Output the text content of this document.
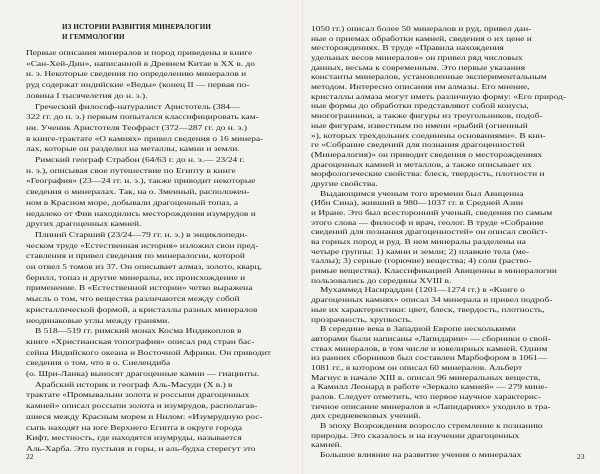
ИЗ ИСТОРИИ РАЗВИТИЯ МИНЕРАЛОГИИ
И ГЕММОЛОГИИ
Первые описания минералов и пород приведены в книге
«Сан-Хей-Дин», написанной в Древнем Китае в XX в. до
н. э. Некоторые сведения по определению минералов и
руд содержат индийские «Веды» (конец II — первая по-
ловина I тысячелетия до н. э.).
Греческий философ-натуралист Аристотель (384—
322 гг. до н. э.) первым попытался классифицировать кам-
ни. Ученик Аристотеля Теофраст (372—287 гг. до н. э.)
в книге-трактате «О камнях» привел сведения о 16 минера-
лах, которые он разделил на металлы, камни и земли.
Римский географ Страбон (64/63 г. до н. э.— 23/24 г.
н. э.), описывая свое путешествие по Египту в книге
«География» (23—24 гг. н. э.), также приводит некоторые
сведения о минералах. Так, на о. Змеиный, расположен-
ном в Красном море, добывали драгоценный топаз, а
недалеко от Фив находились месторождения изумрудов и
других драгоценных камней.
Плиний Старший (23/24—79 гг. н. э.) в энциклопеди-
ческом труде «Естественная история» изложил свои пред-
ставления и привел сведения по минералогии, которой
он отвел 5 томов из 37. Он описывает алмаз, золото, кварц,
берилл, топаз и другие минералы, их происхождение и
применение. В «Естественной истории» четко выражена
мысль о том, что вещества различаются между собой
кристаллической формой, а кристаллы разных минералов
неодинаковые углы между гранями.
В 518—519 гг. римский монах Косма Индикоплов в
книге «Христианская топография» описал ряд стран бас-
сейна Индийского океана и Восточной Африки. Он приводит
сведения о том, что в о. Сиелендиба
(о. Шри-Ланка) выносят драгоценные камни — гиацинты.
Арабский историк и географ Аль-Масуди (X в.) в
трактате «Промывальни золота и россыпи драгоценных
камней» описал россыпи золота и изумрудов, располагав-
шиеся между Красным морем и Нилом: «Изумрудную рос-
сыпь находят на юге Верхнего Египта в округе города
Кифт, местность, где находятся изумруды, называется
Аль-Харба. Это пустыня и горы, и аль-будха стерегут это
1050 гг.) описал более 50 минералов и руд, привел дан-
ные о приемах обработки камней, сведения о их цене и
месторождениях. В труде «Правила нахождения
удельных весов минералов» он привел ряд числовых
данных, весьма к современным. Это первые указания
константы минералов, установленные экспериментальным
методом. Интересно описания им алмазы. Его мнение,
кристаллы алмаза могут иметь различную форму: «Его природ-
ные формы до обработки представляют собой конусы,
многогранники, а также фигуры из треугольников, подоб-
ные фигурам, известным по имени «рыбий (огненный
»), которых трехдольних соединены основаниями». В кни-
ге «Собрание сведений для познания драгоценностей
(Минералогия)» он приводит сведения о месторождениях
драгоценных камней и металлов, а также описывает их
морфологические свойства: блеск, твердость, плотности и
другие свойства.
Выдающимся ученым того времени был Авиценна
(Ибн Сина), живший в 980—1037 гг. в Средней Азии
и Иране. Это был всесторонний ученый, сведения по самым
этого слова — философ и врач, геолог. В труде «Собрание
сведений для познания драгоценностей» он описал свойст-
ва горных пород и руд. В нем минералы разделены на
четыре группы: 1) камни и земли; 2) плавкие тела (ме-
таллы); 3) серные (горючие) вещества; 4) соли (раство-
римые вещества). Классификацией Авиценны в минералогии
пользовались до середины XVIII в.
Мухаммед Насираддин (1201—1274 гг.) в «Книге о
драгоценных камнях» описал 34 минерала и привел подроб-
ные их характеристики: цвет, блеск, твердость, плотность,
прозрачность, хрупкость.
В середине века в Западной Европе несколькими
авторами были написаны «Лапидарии» — сборники о свой-
ствах минералов, в том числе и ювелирных камней. Одним
из ранних сборников был составлен Марбофором в 1061—
1081 гг., в котором он описал 60 минералов. Альберт
Магнус в начале XIII в. описал 96 минеральных веществ,
а Камилл Леонард в работе «Зеркало камней» — 279 мине-
ралов. Следует отметить, что первое научное характерис-
тичное описание минералов в «Лапидариях» уходило в тра-
дих средневековых учений.
В эпоху Возрождения возросло стремление к познанию
природы. Это сказалось и на изучении драгоценных
камней.
Большое влияние на развитие учения о минералах
22	23
